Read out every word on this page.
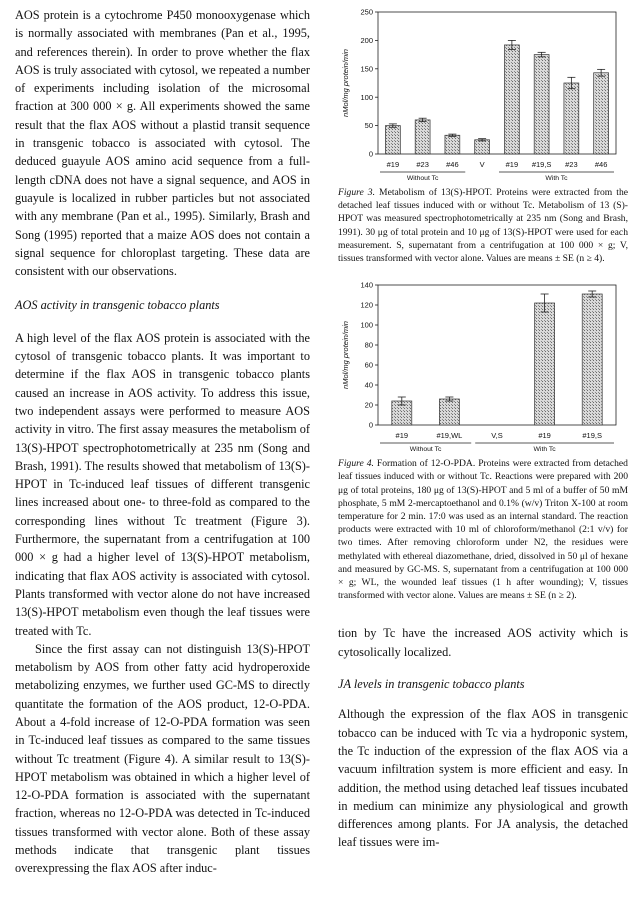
AOS protein is a cytochrome P450 monooxygenase which is normally associated with membranes (Pan et al., 1995, and references therein). In order to prove whether the flax AOS is truly associated with cytosol, we repeated a number of experiments including isolation of the microsomal fraction at 300 000 × g. All experiments showed the same result that the flax AOS without a plastid transit sequence in transgenic tobacco is associated with cytosol. The deduced guayule AOS amino acid sequence from a full-length cDNA does not have a signal sequence, and AOS in guayule is localized in rubber particles but not associated with any membrane (Pan et al., 1995). Similarly, Brash and Song (1995) reported that a maize AOS does not contain a signal sequence for chloroplast targeting. These data are consistent with our observations.

AOS activity in transgenic tobacco plants

A high level of the flax AOS protein is associated with the cytosol of transgenic tobacco plants. It was important to determine if the flax AOS in transgenic tobacco plants caused an increase in AOS activity. To address this issue, two independent assays were performed to measure AOS activity in vitro. The first assay measures the metabolism of 13(S)-HPOT spectrophotometrically at 235 nm (Song and Brash, 1991). The results showed that metabolism of 13(S)-HPOT in Tc-induced leaf tissues of different transgenic lines increased about one- to three-fold as compared to the corresponding lines without Tc treatment (Figure 3). Furthermore, the supernatant from a centrifugation at 100 000 × g had a higher level of 13(S)-HPOT metabolism, indicating that flax AOS activity is associated with cytosol. Plants transformed with vector alone do not have increased 13(S)-HPOT metabolism even though the leaf tissues were treated with Tc.

Since the first assay can not distinguish 13(S)-HPOT metabolism by AOS from other fatty acid hydroperoxide metabolizing enzymes, we further used GC-MS to directly quantitate the formation of the AOS product, 12-O-PDA. About a 4-fold increase of 12-O-PDA formation was seen in Tc-induced leaf tissues as compared to the same tissues without Tc treatment (Figure 4). A similar result to 13(S)-HPOT metabolism was obtained in which a higher level of 12-O-PDA formation is associated with the supernatant fraction, whereas no 12-O-PDA was detected in Tc-induced tissues transformed with vector alone. Both of these assay methods indicate that transgenic plant tissues overexpressing the flax AOS after induc-

nMol/mg protein/min
0
50
100
150
200
250
#19 #23 #46	V	#19 #19,S #23 #46
Without Tc	With Tc

Figure 3. Metabolism of 13(S)-HPOT. Proteins were extracted from the detached leaf tissues induced with or without Tc. Metabolism of 13 (S)-HPOT was measured spectrophotometrically at 235 nm (Song and Brash, 1991). 30 μg of total protein and 10 μg of 13(S)-HPOT were used for each measurement. S, supernatant from a centrifugation at 100 000 × g; V, tissues transformed with vector alone. Values are means ± SE (n ≥ 4).

nMol/mg protein/min
0
20
40
60
80
100
120
140
#19	#19,WL	V,S	#19	#19,S
Without Tc	With Tc

Figure 4. Formation of 12-O-PDA. Proteins were extracted from detached leaf tissues induced with or without Tc. Reactions were prepared with 200 μg of total proteins, 180 μg of 13(S)-HPOT and 5 ml of a buffer of 50 mM phosphate, 5 mM 2-mercaptoethanol and 0.1% (w/v) Triton X-100 at room temperature for 2 min. 17:0 was used as an internal standard. The reaction products were extracted with 10 ml of chloroform/methanol (2:1 v/v) for two times. After removing chloroform under N2, the residues were methylated with ethereal diazomethane, dried, dissolved in 50 μl of hexane and measured by GC-MS. S, supernatant from a centrifugation at 100 000 × g; WL, the wounded leaf tissues (1 h after wounding); V, tissues transformed with vector alone. Values are means ± SE (n ≥ 2).

tion by Tc have the increased AOS activity which is cytosolically localized.

JA levels in transgenic tobacco plants

Although the expression of the flax AOS in transgenic tobacco can be induced with Tc via a hydroponic system, the Tc induction of the expression of the flax AOS via a vacuum infiltration system is more efficient and easy. In addition, the method using detached leaf tissues incubated in medium can minimize any physiological and growth differences among plants. For JA analysis, the detached leaf tissues were im-
